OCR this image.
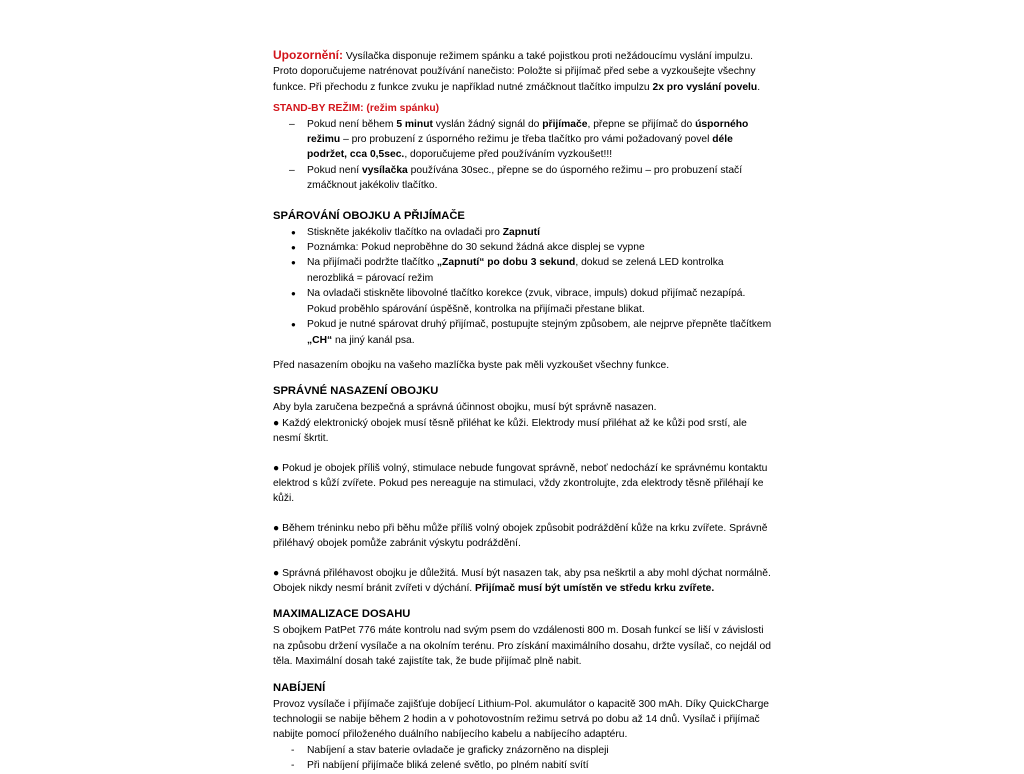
Upozornění: Vysílačka disponuje režimem spánku a také pojistkou proti nežádoucímu vyslání impulzu. Proto doporučujeme natrénovat používání nanečisto: Položte si přijímač před sebe a vyzkoušejte všechny funkce. Při přechodu z funkce zvuku je například nutné zmáčknout tlačítko impulzu 2x pro vyslání povelu.

STAND-BY REŽIM: (režim spánku)

– Pokud není během 5 minut vyslán žádný signál do přijímače, přepne se přijímač do úsporného režimu – pro probuzení z úsporného režimu je třeba tlačítko pro vámi požadovaný povel déle podržet, cca 0,5sec., doporučujeme před používáním vyzkoušet!!!
– Pokud není vysílačka používána 30sec., přepne se do úsporného režimu – pro probuzení stačí zmáčknout jakékoliv tlačítko.
SPÁROVÁNÍ OBOJKU A PŘIJÍMAČE
● Stiskněte jakékoliv tlačítko na ovladači pro Zapnutí
● Poznámka: Pokud neproběhne do 30 sekund žádná akce displej se vypne
● Na přijímači podržte tlačítko „Zapnutí“ po dobu 3 sekund, dokud se zelená LED kontrolka nerozbliká = párovací režim
● Na ovladači stiskněte libovolné tlačítko korekce (zvuk, vibrace, impuls) dokud přijímač nezapípá. Pokud proběhlo spárování úspěšně, kontrolka na přijímači přestane blikat.
● Pokud je nutné spárovat druhý přijímač, postupujte stejným způsobem, ale nejprve přepněte tlačítkem „CH“ na jiný kanál psa.

Před nasazením obojku na vašeho mazlíčka byste pak měli vyzkoušet všechny funkce.

SPRÁVNÉ NASAZENÍ OBOJKU

Aby byla zaručena bezpečná a správná účinnost obojku, musí být správně nasazen.

● Každý elektronický obojek musí těsně přiléhat ke kůži. Elektrody musí přiléhat až ke kůži pod srstí, ale nesmí škrtit.

● Pokud je obojek příliš volný, stimulace nebude fungovat správně, neboť nedochází ke správnému kontaktu elektrod s kůží zvířete. Pokud pes nereaguje na stimulaci, vždy zkontrolujte, zda elektrody těsně přiléhají ke kůži.

● Během tréninku nebo při běhu může příliš volný obojek způsobit podráždění kůže na krku zvířete. Správně přiléhavý obojek pomůže zabránit výskytu podráždění.

● Správná přiléhavost obojku je důležitá. Musí být nasazen tak, aby psa neškrtil a aby mohl dýchat normálně. Obojek nikdy nesmí bránit zvířeti v dýchání. Přijímač musí být umístěn ve středu krku zvířete.

MAXIMALIZACE DOSAHU

S obojkem PatPet 776 máte kontrolu nad svým psem do vzdálenosti 800 m. Dosah funkcí se liší v závislosti na způsobu držení vysílače a na okolním terénu. Pro získání maximálního dosahu, držte vysílač, co nejdál od těla. Maximální dosah také zajistíte tak, že bude přijímač plně nabit.

NABÍJENÍ

Provoz vysílače i přijímače zajišťuje dobíjecí Lithium-Pol. akumulátor o kapacitě 300 mAh. Díky QuickCharge technologii se nabije během 2 hodin a v pohotovostním režimu setrvá po dobu až 14 dnů. Vysílač i přijímač nabijte pomocí přiloženého duálního nabíjecího kabelu a nabíjecího adaptéru.

- Nabíjení a stav baterie ovladače je graficky znázorněno na displeji
- Při nabíjení přijímače bliká zelené světlo, po plném nabití svítí
